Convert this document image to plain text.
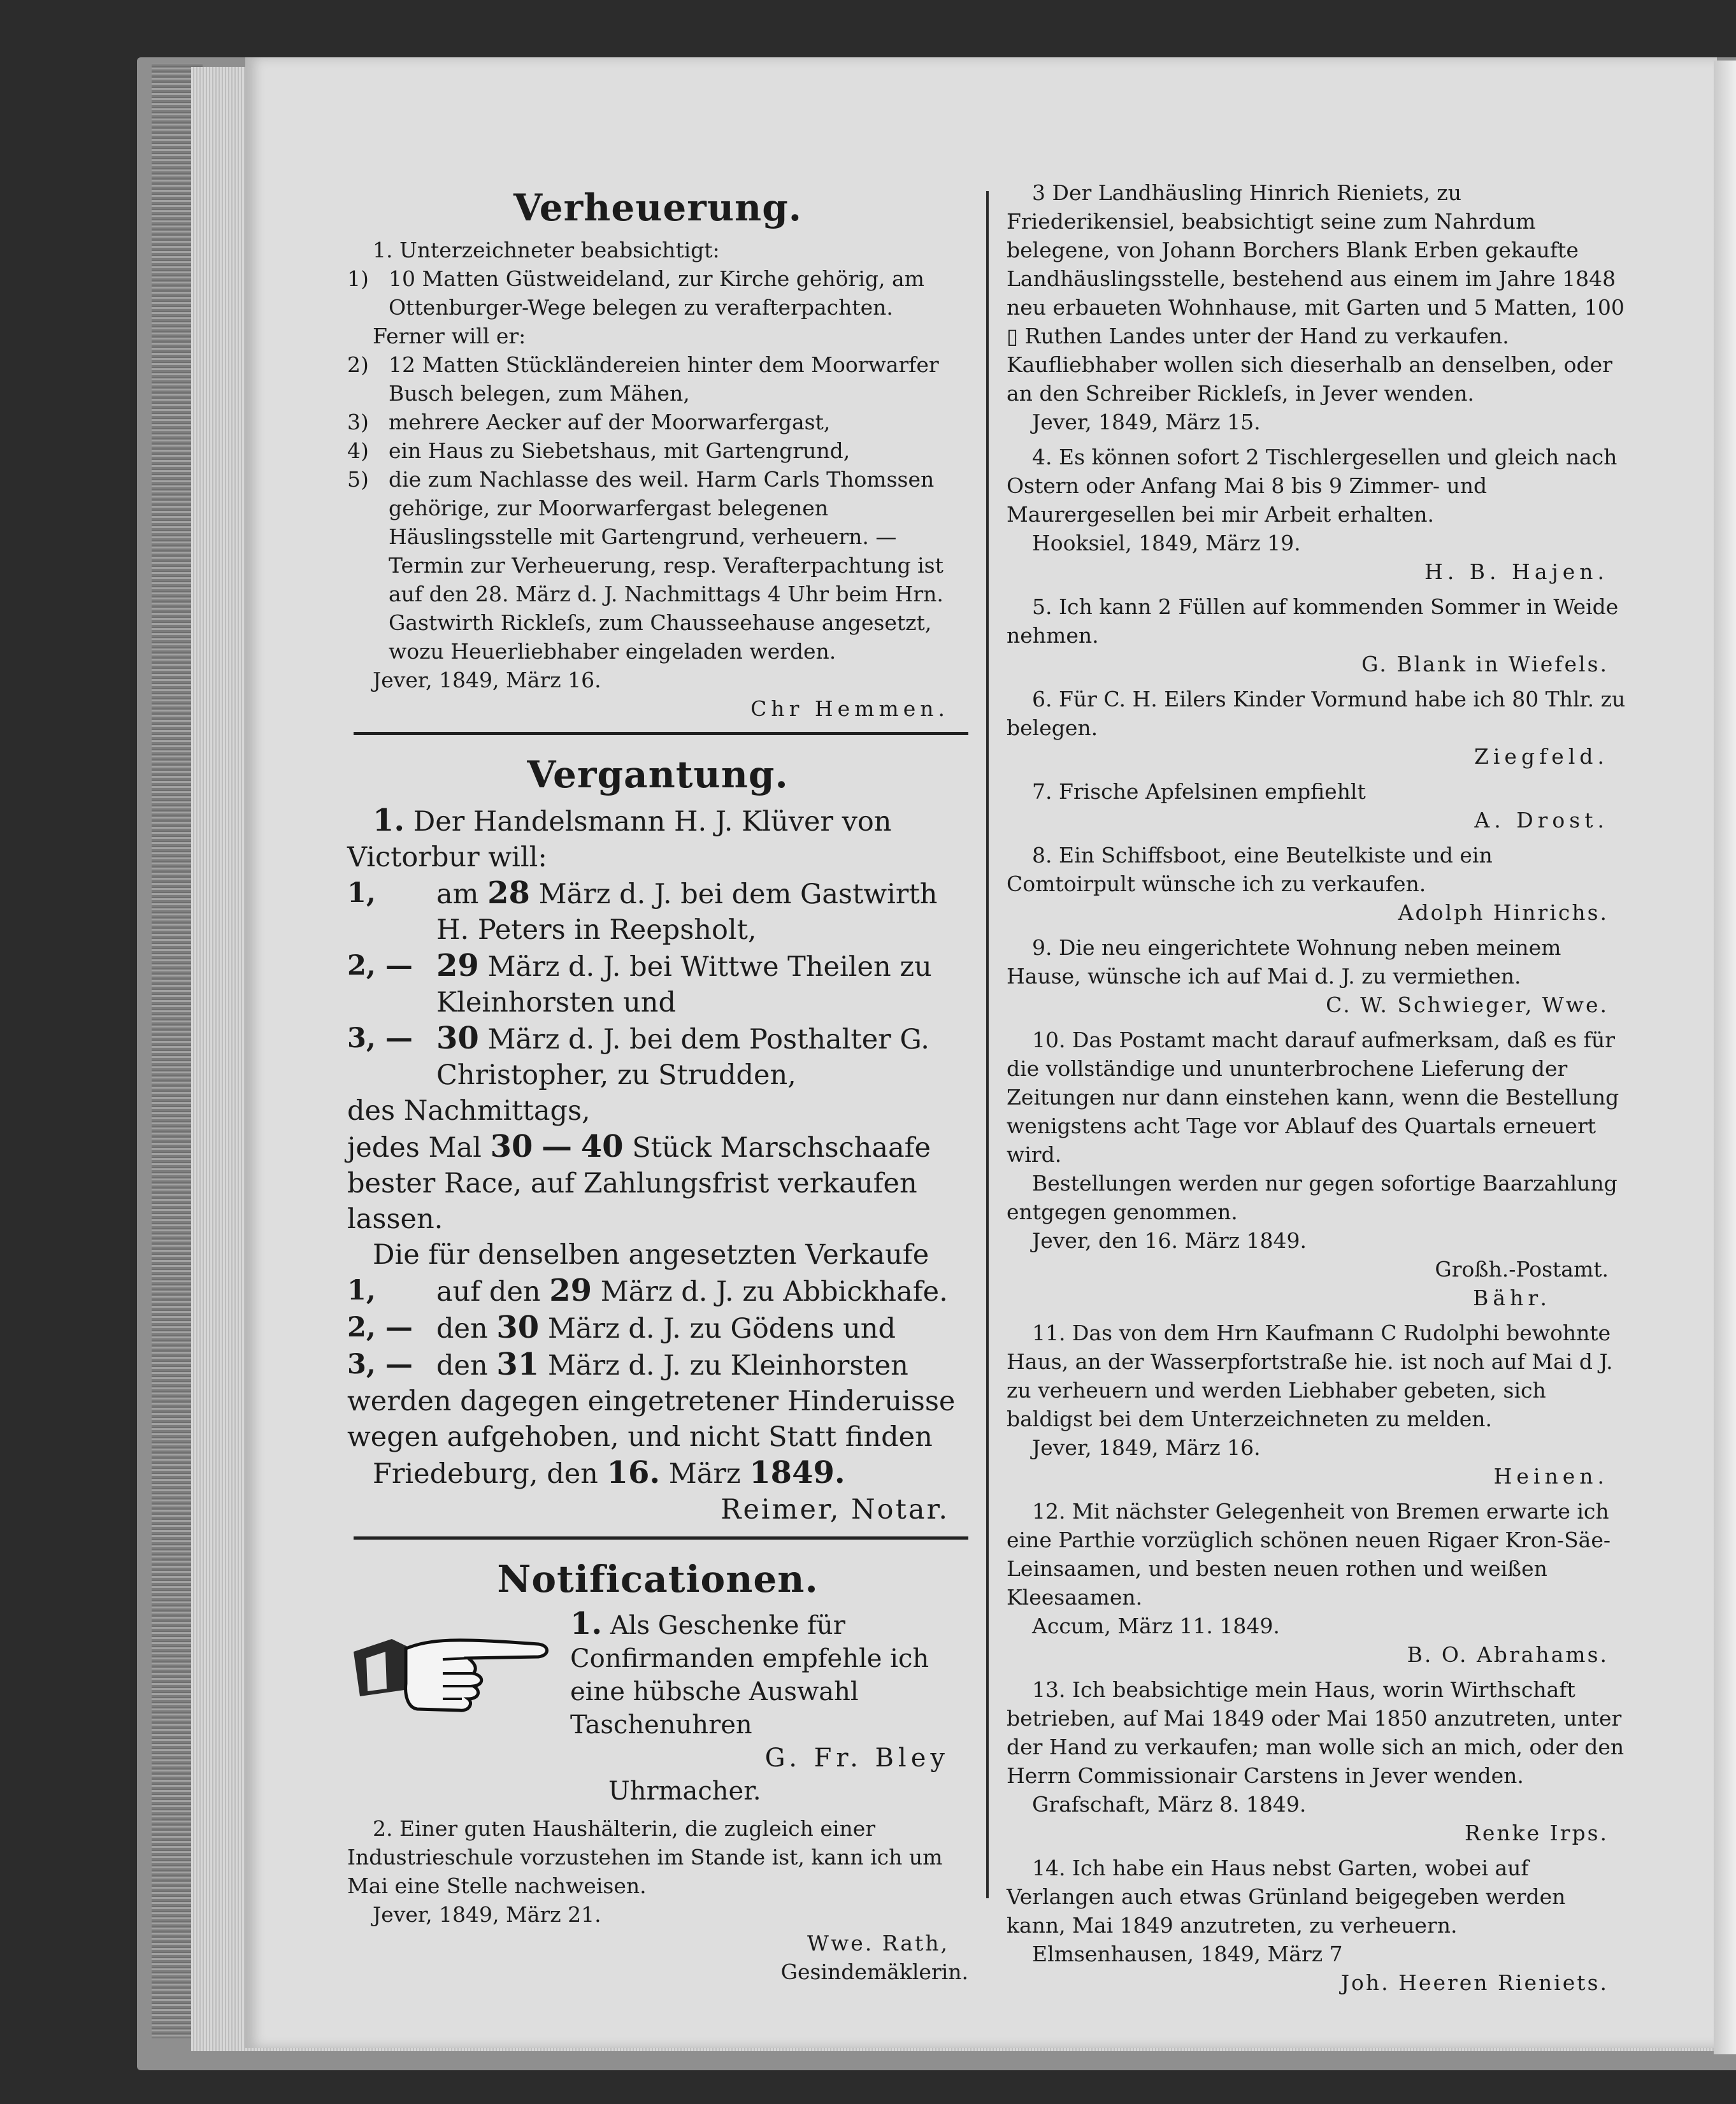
Verheuerung.

1. Unterzeichneter beabsichtigt:

1) 10 Matten Güstweideland, zur Kirche gehörig, am Ottenburger-Wege belegen zu verafterpachten.

Ferner will er:

2) 12 Matten Stückländereien hinter dem Moorwarfer Busch belegen, zum Mähen,
3) mehrere Aecker auf der Moorwarfergast,
4) ein Haus zu Siebetshaus, mit Gartengrund,
5) die zum Nachlasse des weil. Harm Carls Thomssen gehörige, zur Moorwarfergast belegenen Häuslingsstelle mit Gartengrund, verheuern. — Termin zur Verheuerung, resp. Verafterpachtung ist auf den 28. März d. J. Nachmittags 4 Uhr beim Hrn. Gastwirth Rickleſs, zum Chausseehause angesetzt, wozu Heuerliebhaber eingeladen werden.

Jever, 1849, März 16.

Chr Hemmen.

Vergantung.

1. Der Handelsmann H. J. Klüver von Victorbur will:

1,	am 28 März d. J. bei dem Gastwirth H. Peters in Reepsholt,
2, — 29 März d. J. bei Wittwe Theilen zu Kleinhorsten und
3, — 30 März d. J. bei dem Posthalter G. Christopher, zu Strudden,

des Nachmittags,

jedes Mal 30 — 40 Stück Marschschaafe bester Race, auf Zahlungsfrist verkaufen lassen.

Die für denselben angesetzten Verkaufe

1,	auf den 29 März d. J. zu Abbickhafe.
2, — den 30 März d. J. zu Gödens und
3, — den 31 März d. J. zu Kleinhorsten

werden dagegen eingetretener Hinderuisse wegen aufgehoben, und nicht Statt finden

Friedeburg, den 16. März 1849.

Reimer, Notar.

Notificationen.
1. Als Geschenke für Confirmanden empfehle ich eine hübsche Auswahl Taschenuhren
G. Fr. Bley
Uhrmacher.

2. Einer guten Haushälterin, die zugleich einer Industrieschule vorzustehen im Stande ist, kann ich um Mai eine Stelle nachweisen.

Jever, 1849, März 21.

Wwe. Rath,

Gesindemäklerin.

3 Der Landhäusling Hinrich Rieniets, zu Friederikensiel, beabsichtigt seine zum Nahrdum belegene, von Johann Borchers Blank Erben gekaufte Landhäuslingsstelle, bestehend aus einem im Jahre 1848 neu erbaueten Wohnhause, mit Garten und 5 Matten, 100 ▯ Ruthen Landes unter der Hand zu verkaufen. Kaufliebhaber wollen sich dieserhalb an denselben, oder an den Schreiber Rickleſs, in Jever wenden.

Jever, 1849, März 15.

4. Es können sofort 2 Tischlergesellen und gleich nach Ostern oder Anfang Mai 8 bis 9 Zimmer- und Maurergesellen bei mir Arbeit erhalten.

Hooksiel, 1849, März 19.

H. B. Hajen.

5. Ich kann 2 Füllen auf kommenden Sommer in Weide nehmen.

G. Blank in Wiefels.

6. Für C. H. Eilers Kinder Vormund habe ich 80 Thlr. zu belegen.

Ziegfeld.

7. Frische Apfelsinen empfiehlt

A. Drost.

8. Ein Schiffsboot, eine Beutelkiste und ein Comtoirpult wünsche ich zu verkaufen.

Adolph Hinrichs.

9. Die neu eingerichtete Wohnung neben meinem Hause, wünsche ich auf Mai d. J. zu vermiethen.

C. W. Schwieger, Wwe.

10. Das Postamt macht darauf aufmerksam, daß es für die vollständige und ununterbrochene Lieferung der Zeitungen nur dann einstehen kann, wenn die Bestellung wenigstens acht Tage vor Ablauf des Quartals erneuert wird.

Bestellungen werden nur gegen sofortige Baarzahlung entgegen genommen.

Jever, den 16. März 1849.

Großh.-Postamt.

Bähr.

11. Das von dem Hrn Kaufmann C Rudolphi bewohnte Haus, an der Wasserpfortstraße hie. ist noch auf Mai d J. zu verheuern und werden Liebhaber gebeten, sich baldigst bei dem Unterzeichneten zu melden.

Jever, 1849, März 16.

Heinen.

12. Mit nächster Gelegenheit von Bremen erwarte ich eine Parthie vorzüglich schönen neuen Rigaer Kron-Säe-Leinsaamen, und besten neuen rothen und weißen Kleesaamen.

Accum, März 11. 1849.

B. O. Abrahams.

13. Ich beabsichtige mein Haus, worin Wirthschaft betrieben, auf Mai 1849 oder Mai 1850 anzutreten, unter der Hand zu verkaufen; man wolle sich an mich, oder den Herrn Commissionair Carstens in Jever wenden.

Grafschaft, März 8. 1849.

Renke Irps.

14. Ich habe ein Haus nebst Garten, wobei auf Verlangen auch etwas Grünland beigegeben werden kann, Mai 1849 anzutreten, zu verheuern.

Elmsenhausen, 1849, März 7

Joh. Heeren Rieniets.
